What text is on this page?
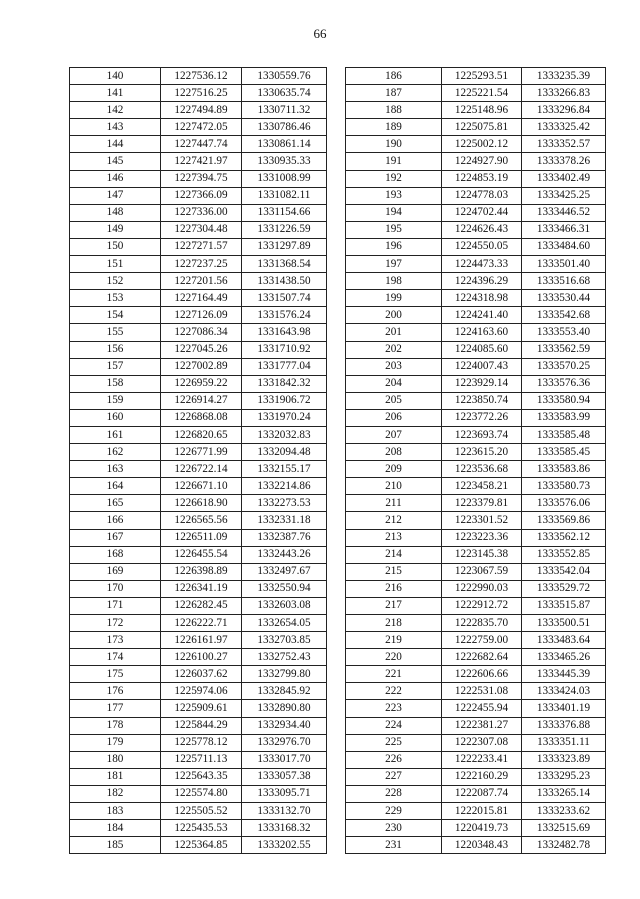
66
140	1227536.12	1330559.76
141	1227516.25	1330635.74
142	1227494.89	1330711.32
143	1227472.05	1330786.46
144	1227447.74	1330861.14
145	1227421.97	1330935.33
146	1227394.75	1331008.99
147	1227366.09	1331082.11
148	1227336.00	1331154.66
149	1227304.48	1331226.59
150	1227271.57	1331297.89
151	1227237.25	1331368.54
152	1227201.56	1331438.50
153	1227164.49	1331507.74
154	1227126.09	1331576.24
155	1227086.34	1331643.98
156	1227045.26	1331710.92
157	1227002.89	1331777.04
158	1226959.22	1331842.32
159	1226914.27	1331906.72
160	1226868.08	1331970.24
161	1226820.65	1332032.83
162	1226771.99	1332094.48
163	1226722.14	1332155.17
164	1226671.10	1332214.86
165	1226618.90	1332273.53
166	1226565.56	1332331.18
167	1226511.09	1332387.76
168	1226455.54	1332443.26
169	1226398.89	1332497.67
170	1226341.19	1332550.94
171	1226282.45	1332603.08
172	1226222.71	1332654.05
173	1226161.97	1332703.85
174	1226100.27	1332752.43
175	1226037.62	1332799.80
176	1225974.06	1332845.92
177	1225909.61	1332890.80
178	1225844.29	1332934.40
179	1225778.12	1332976.70
180	1225711.13	1333017.70
181	1225643.35	1333057.38
182	1225574.80	1333095.71
183	1225505.52	1333132.70
184	1225435.53	1333168.32
185	1225364.85	1333202.55
186	1225293.51	1333235.39
187	1225221.54	1333266.83
188	1225148.96	1333296.84
189	1225075.81	1333325.42
190	1225002.12	1333352.57
191	1224927.90	1333378.26
192	1224853.19	1333402.49
193	1224778.03	1333425.25
194	1224702.44	1333446.52
195	1224626.43	1333466.31
196	1224550.05	1333484.60
197	1224473.33	1333501.40
198	1224396.29	1333516.68
199	1224318.98	1333530.44
200	1224241.40	1333542.68
201	1224163.60	1333553.40
202	1224085.60	1333562.59
203	1224007.43	1333570.25
204	1223929.14	1333576.36
205	1223850.74	1333580.94
206	1223772.26	1333583.99
207	1223693.74	1333585.48
208	1223615.20	1333585.45
209	1223536.68	1333583.86
210	1223458.21	1333580.73
211	1223379.81	1333576.06
212	1223301.52	1333569.86
213	1223223.36	1333562.12
214	1223145.38	1333552.85
215	1223067.59	1333542.04
216	1222990.03	1333529.72
217	1222912.72	1333515.87
218	1222835.70	1333500.51
219	1222759.00	1333483.64
220	1222682.64	1333465.26
221	1222606.66	1333445.39
222	1222531.08	1333424.03
223	1222455.94	1333401.19
224	1222381.27	1333376.88
225	1222307.08	1333351.11
226	1222233.41	1333323.89
227	1222160.29	1333295.23
228	1222087.74	1333265.14
229	1222015.81	1333233.62
230	1220419.73	1332515.69
231	1220348.43	1332482.78
